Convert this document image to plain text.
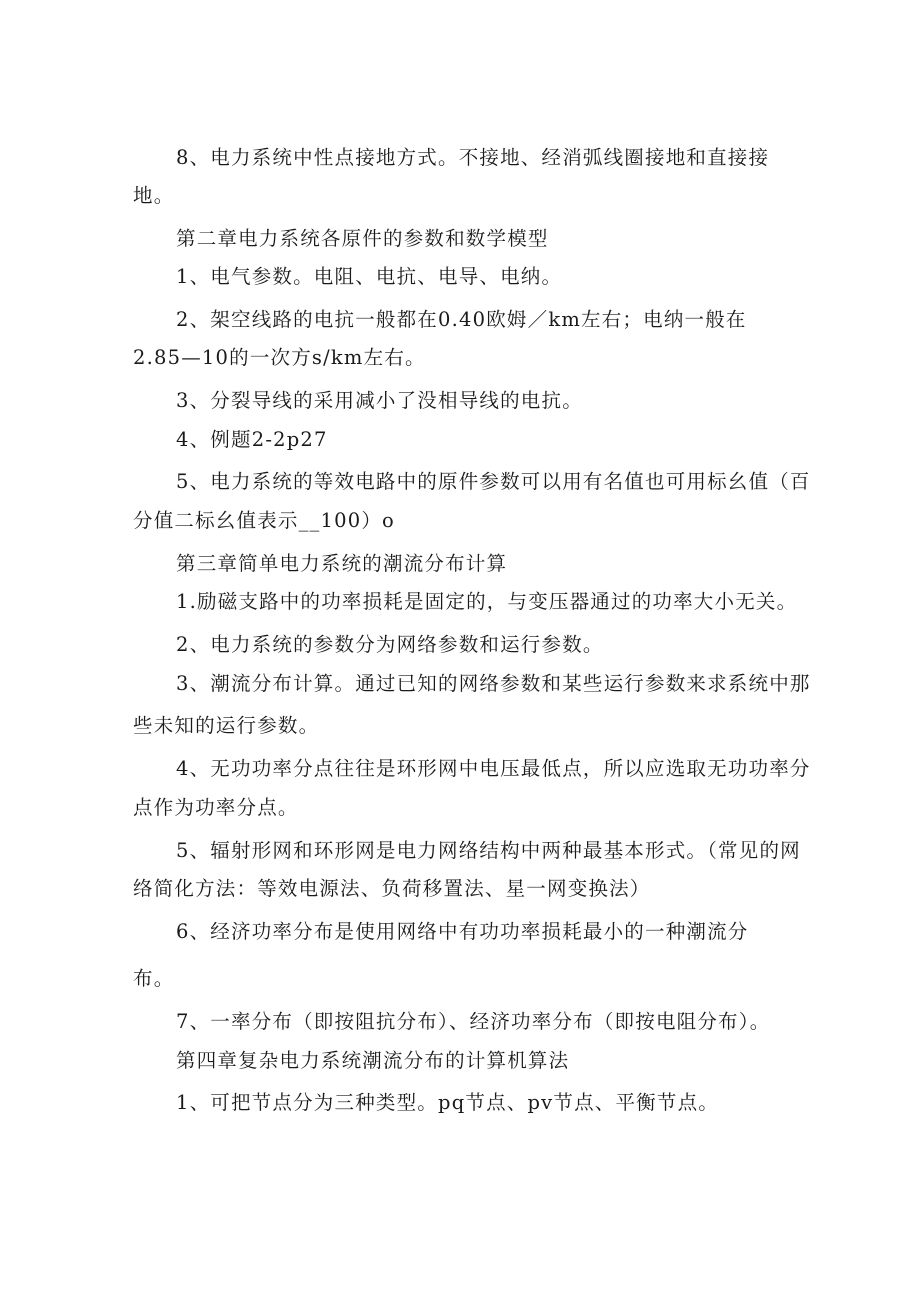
8、电力系统中性点接地方式。不接地、经消弧线圈接地和直接接
地。
第二章电力系统各原件的参数和数学模型
1、电气参数。电阻、电抗、电导、电纳。
2、架空线路的电抗一般都在0.40欧姆／km左右；电纳一般在
2.85—10的一次方s/km左右。
3、分裂导线的采用减小了没相导线的电抗。
4、例题2-2p27
5、电力系统的等效电路中的原件参数可以用有名值也可用标幺值（百
分值二标幺值表示__100）o
第三章简单电力系统的潮流分布计算
1.励磁支路中的功率损耗是固定的，与变压器通过的功率大小无关。
2、电力系统的参数分为网络参数和运行参数。
3、潮流分布计算。通过已知的网络参数和某些运行参数来求系统中那
些未知的运行参数。
4、无功功率分点往往是环形网中电压最低点，所以应选取无功功率分
点作为功率分点。
5、辐射形网和环形网是电力网络结构中两种最基本形式。（常见的网
络简化方法：等效电源法、负荷移置法、星一网变换法）
6、经济功率分布是使用网络中有功功率损耗最小的一种潮流分
布。
7、一率分布（即按阻抗分布）、经济功率分布（即按电阻分布）。
第四章复杂电力系统潮流分布的计算机算法
1、可把节点分为三种类型。pq节点、pv节点、平衡节点。
